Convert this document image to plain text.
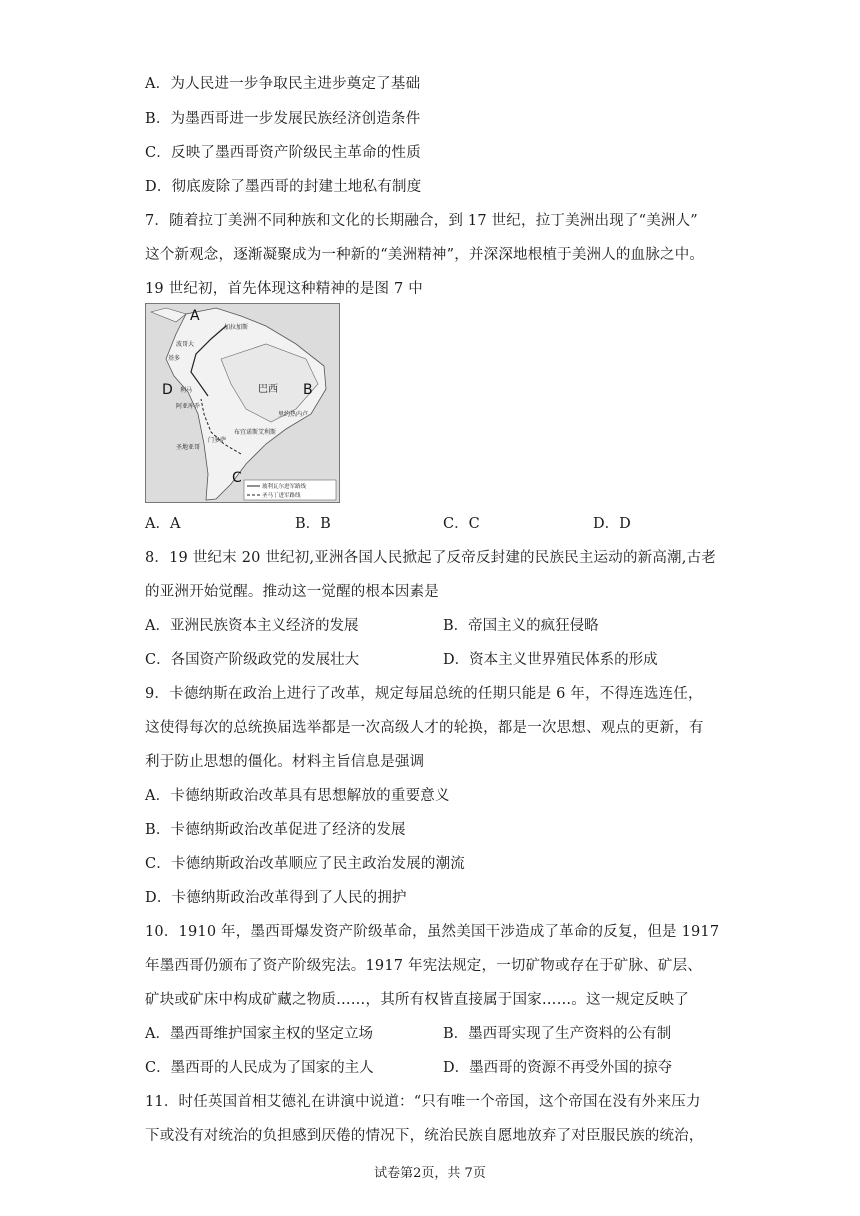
A．为人民进一步争取民主进步奠定了基础
B．为墨西哥进一步发展民族经济创造条件
C．反映了墨西哥资产阶级民主革命的性质
D．彻底废除了墨西哥的封建土地私有制度
7．随着拉丁美洲不同种族和文化的长期融合，到 17 世纪，拉丁美洲出现了“美洲人”
这个新观念，逐渐凝聚成为一种新的“美洲精神”，并深深地根植于美洲人的血脉之中。
19 世纪初，首先体现这种精神的是图 7 中
A
B
C
D
加拉加斯
波哥大
基多
利马
阿亚库乔
巴西
里约热内卢
圣地亚哥
门多萨
布宜诺斯艾利斯
玻利瓦尔进军路线
圣马丁进军路线
A．A	B．B	C．C	D．D
8．19 世纪末 20 世纪初,亚洲各国人民掀起了反帝反封建的民族民主运动的新高潮,古老
的亚洲开始觉醒。推动这一觉醒的根本因素是
A．亚洲民族资本主义经济的发展	B．帝国主义的疯狂侵略
C．各国资产阶级政党的发展壮大	D．资本主义世界殖民体系的形成
9．卡德纳斯在政治上进行了改革，规定每届总统的任期只能是 6 年，不得连选连任，
这使得每次的总统换届选举都是一次高级人才的轮换，都是一次思想、观点的更新，有
利于防止思想的僵化。材料主旨信息是强调
A．卡德纳斯政治改革具有思想解放的重要意义
B．卡德纳斯政治改革促进了经济的发展
C．卡德纳斯政治改革顺应了民主政治发展的潮流
D．卡德纳斯政治改革得到了人民的拥护
10．1910 年，墨西哥爆发资产阶级革命，虽然美国干涉造成了革命的反复，但是 1917
年墨西哥仍颁布了资产阶级宪法。1917 年宪法规定，一切矿物或存在于矿脉、矿层、
矿块或矿床中构成矿藏之物质……，其所有权皆直接属于国家……。这一规定反映了
A．墨西哥维护国家主权的坚定立场	B．墨西哥实现了生产资料的公有制
C．墨西哥的人民成为了国家的主人	D．墨西哥的资源不再受外国的掠夺
11．时任英国首相艾德礼在讲演中说道：“只有唯一个帝国，这个帝国在没有外来压力
下或没有对统治的负担感到厌倦的情况下，统治民族自愿地放弃了对臣服民族的统治，
试卷第2页，共 7页
